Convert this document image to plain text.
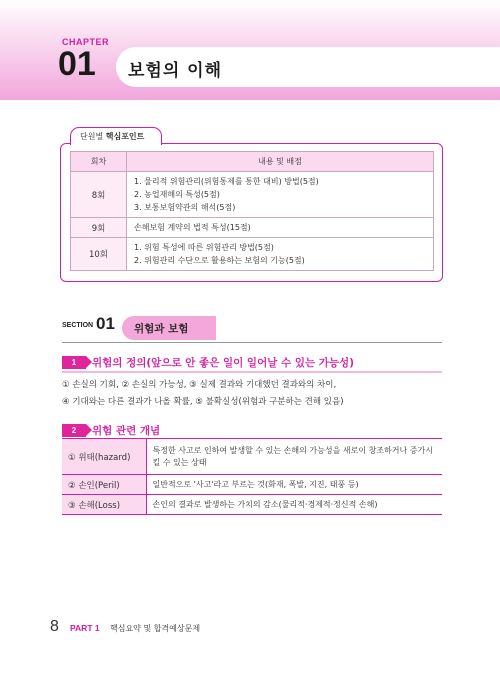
CHAPTER
01 보험의 이해
단원별 핵심포인트
회차	내용 및 배점
8회	1. 물리적 위험관리(위험통제를 통한 대비) 방법(5점)
2. 농업재해의 특성(5점)
3. 보통보험약관의 해석(5점)

9회	손해보험 계약의 법적 특성(15점)

10회	1. 위험 특성에 따른 위험관리 방법(5점)
2. 위험관리 수단으로 활용하는 보험의 기능(5점)
SECTION 01 위험과 보험
1	위험의 정의(앞으로 안 좋은 일이 일어날 수 있는 가능성)
① 손실의 기회, ② 손실의 가능성, ③ 실제 결과와 기대했던 결과와의 차이,
④ 기대와는 다른 결과가 나올 확률, ⑤ 불확실성(위험과 구분하는 견해 있음)
2	위험 관련 개념
① 위태(hazard)	특정한 사고로 인하여 발생할 수 있는 손해의 가능성을 새로이 창조하거나 증가시킬 수 있는 상태
② 손인(Peril)	일반적으로 '사고'라고 부르는 것(화재, 폭발, 지진, 태풍 등)
③ 손해(Loss)	손인의 결과로 발생하는 가치의 감소(물리적·경제적·정신적 손해)
8 PART 1 핵심요약 및 합격예상문제
